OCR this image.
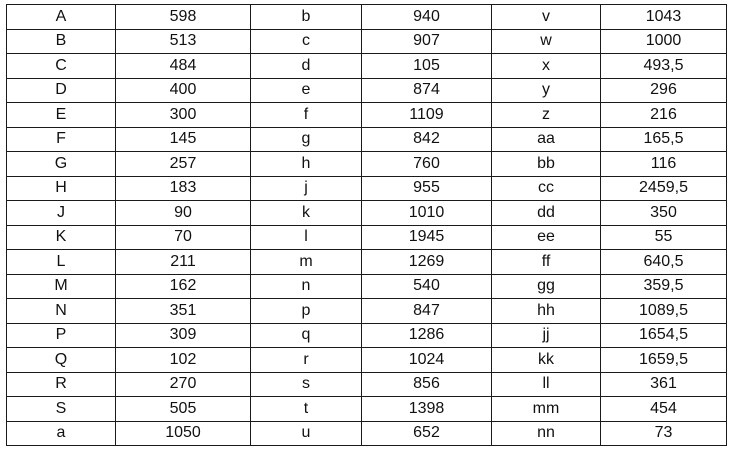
A	598	b	940	v	1043
B	513	c	907	w	1000
C	484	d	105	x	493,5
D	400	e	874	y	296
E	300	f	1109	z	216
F	145	g	842	aa	165,5
G	257	h	760	bb	116
H	183	j	955	cc	2459,5
J	90	k	1010	dd	350
K	70	l	1945	ee	55
L	211	m	1269	ff	640,5
M	162	n	540	gg	359,5
N	351	p	847	hh	1089,5
P	309	q	1286	jj	1654,5
Q	102	r	1024	kk	1659,5
R	270	s	856	ll	361
S	505	t	1398	mm	454
a	1050	u	652	nn	73
